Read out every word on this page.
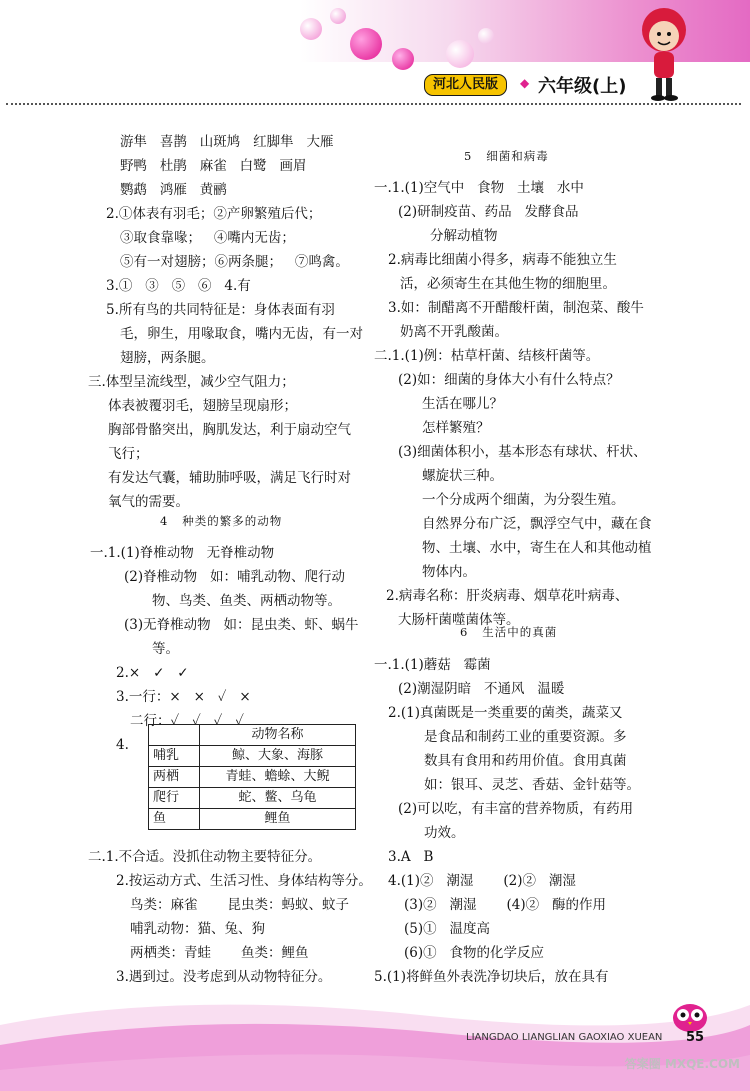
河北人民版	◆ 六年级(上)

游隼   喜鹊   山斑鸠   红脚隼   大雁

野鸭   杜鹃   麻雀   白鹭   画眉

鹦鹉   鸿雁   黄鹂

2.①体表有羽毛；②产卵繁殖后代；

③取食靠喙；   ④嘴内无齿；

⑤有一对翅膀；⑥两条腿；   ⑦鸣禽。

3.①   ③   ⑤   ⑥   4.有

5.所有鸟的共同特征是：身体表面有羽

毛，卵生，用喙取食，嘴内无齿，有一对

翅膀，两条腿。

三.体型呈流线型，减少空气阻力；

体表被覆羽毛，翅膀呈现扇形；

胸部骨骼突出，胸肌发达，利于扇动空气

飞行；

有发达气囊，辅助肺呼吸，满足飞行时对

氧气的需要。

4   种类的繁多的动物

一.1.(1)脊椎动物   无脊椎动物

(2)脊椎动物   如：哺乳动物、爬行动

物、鸟类、鱼类、两栖动物等。

(3)无脊椎动物   如：昆虫类、虾、蜗牛

等。

2.×   ✓   ✓

3.一行：×   ×   ✓   ×

二行：✓   ✓   ✓   ✓

4.

二.1.不合适。没抓住动物主要特征分。

2.按运动方式、生活习性、身体结构等分。

鸟类：麻雀       昆虫类：蚂蚁、蚊子

哺乳动物：猫、兔、狗

两栖类：青蛙       鱼类：鲤鱼

3.遇到过。没考虑到从动物特征分。

	动物名称
哺乳	鲸、大象、海豚
两栖	青蛙、蟾蜍、大鲵
爬行	蛇、鳖、乌龟
鱼	鲤鱼

5   细菌和病毒

一.1.(1)空气中   食物   土壤   水中

(2)研制疫苗、药品   发酵食品

分解动植物

2.病毒比细菌小得多，病毒不能独立生

活，必须寄生在其他生物的细胞里。

3.如：制醋离不开醋酸杆菌，制泡菜、酸牛

奶离不开乳酸菌。

二.1.(1)例：枯草杆菌、结核杆菌等。

(2)如：细菌的身体大小有什么特点？

生活在哪儿？

怎样繁殖？

(3)细菌体积小，基本形态有球状、杆状、

螺旋状三种。

一个分成两个细菌，为分裂生殖。

自然界分布广泛，飘浮空气中，藏在食

物、土壤、水中，寄生在人和其他动植

物体内。

2.病毒名称：肝炎病毒、烟草花叶病毒、

大肠杆菌噬菌体等。

6   生活中的真菌

一.1.(1)蘑菇   霉菌

(2)潮湿阴暗   不通风   温暖

2.(1)真菌既是一类重要的菌类，蔬菜又

是食品和制药工业的重要资源。多

数具有食用和药用价值。食用真菌

如：银耳、灵芝、香菇、金针菇等。

(2)可以吃，有丰富的营养物质，有药用

功效。

3.A   B

4.(1)②   潮湿       (2)②   潮湿

(3)②   潮湿       (4)②   酶的作用

(5)①   温度高

(6)①   食物的化学反应

5.(1)将鲜鱼外表洗净切块后，放在具有

LIANGDAO LIANGLIAN GAOXIAO XUEAN 55
答案圈 MXQE.COM
